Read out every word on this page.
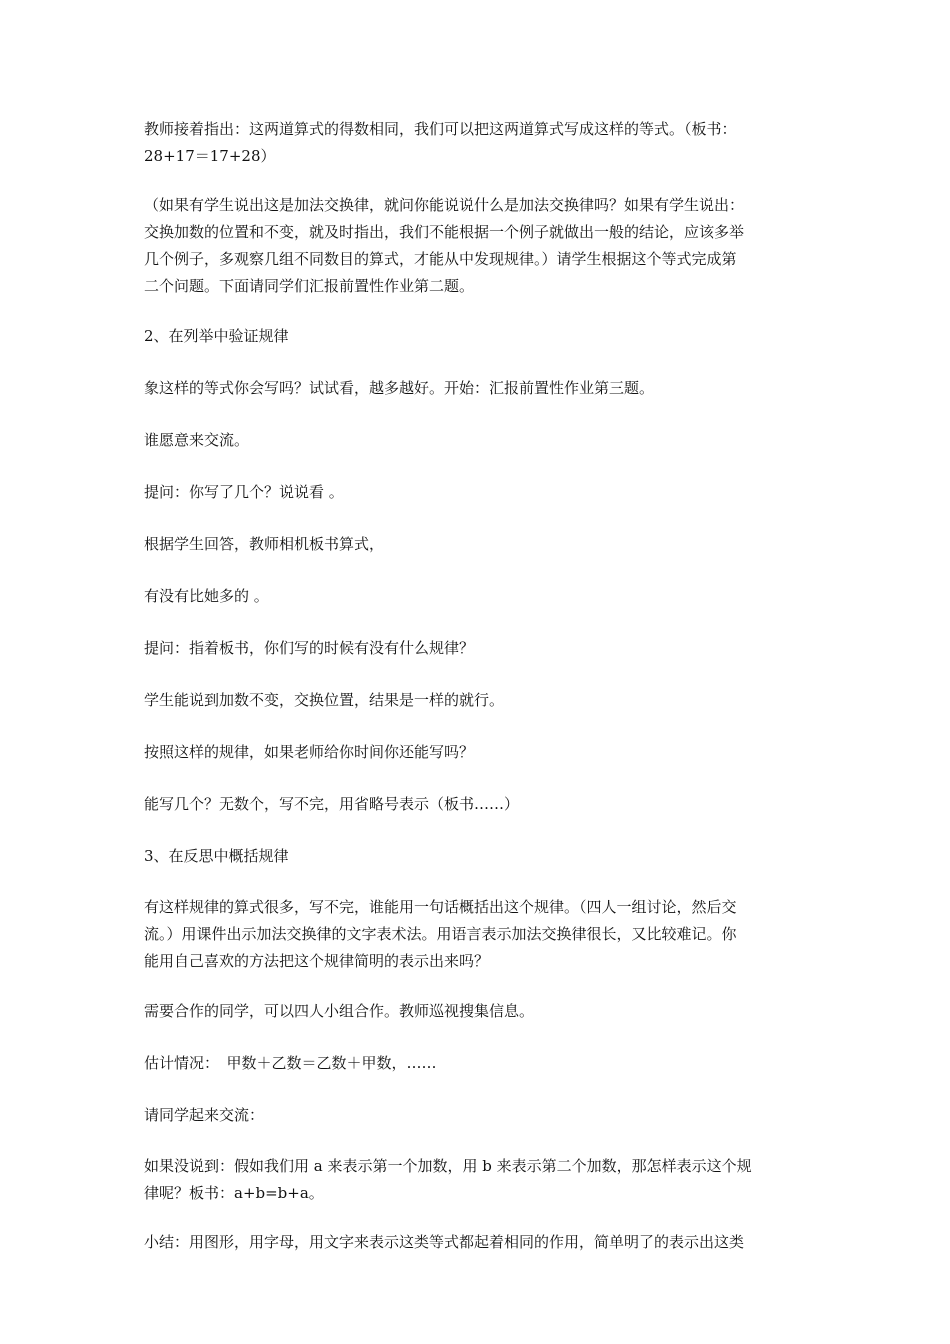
教师接着指出：这两道算式的得数相同，我们可以把这两道算式写成这样的等式。（板书：
28+17＝17+28）

（如果有学生说出这是加法交换律，就问你能说说什么是加法交换律吗？如果有学生说出：
交换加数的位置和不变，就及时指出，我们不能根据一个例子就做出一般的结论，应该多举
几个例子，多观察几组不同数目的算式，才能从中发现规律。）请学生根据这个等式完成第
二个问题。下面请同学们汇报前置性作业第二题。

2、在列举中验证规律

象这样的等式你会写吗？试试看，越多越好。开始：汇报前置性作业第三题。

谁愿意来交流。

提问：你写了几个？说说看 。

根据学生回答，教师相机板书算式，

有没有比她多的 。

提问：指着板书，你们写的时候有没有什么规律？

学生能说到加数不变，交换位置，结果是一样的就行。

按照这样的规律，如果老师给你时间你还能写吗？

能写几个？无数个，写不完，用省略号表示（板书……）

3、在反思中概括规律

有这样规律的算式很多，写不完，谁能用一句话概括出这个规律。（四人一组讨论，然后交
流。）用课件出示加法交换律的文字表术法。用语言表示加法交换律很长，又比较难记。你
能用自己喜欢的方法把这个规律简明的表示出来吗？

需要合作的同学，可以四人小组合作。教师巡视搜集信息。

估计情况：　甲数＋乙数＝乙数＋甲数，……

请同学起来交流：

如果没说到：假如我们用 a 来表示第一个加数，用 b 来表示第二个加数，那怎样表示这个规
律呢？板书：a+b=b+a。

小结：用图形，用字母，用文字来表示这类等式都起着相同的作用，简单明了的表示出这类
